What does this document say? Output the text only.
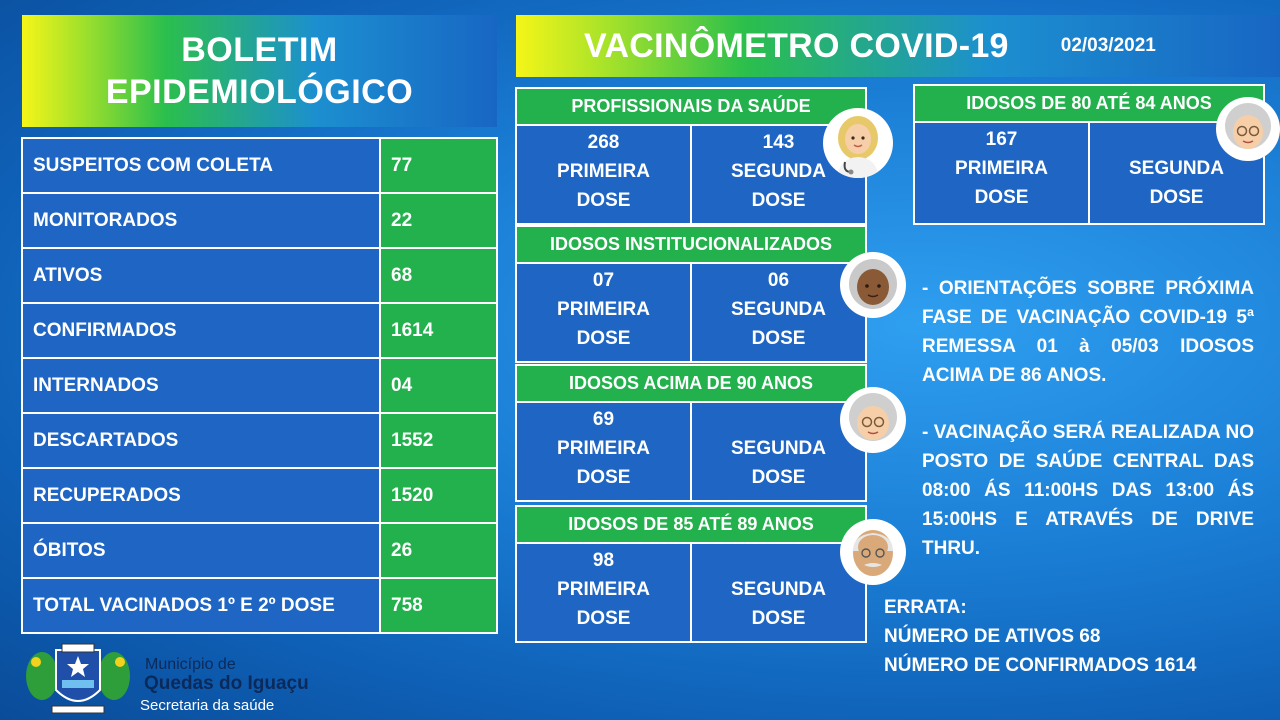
BOLETIM
EPIDEMIOLÓGICO
VACINÔMETRO COVID-19	02/03/2021
SUSPEITOS COM COLETA	77
MONITORADOS	22
ATIVOS	68
CONFIRMADOS	1614
INTERNADOS	04
DESCARTADOS	1552
RECUPERADOS	1520
ÓBITOS	26
TOTAL VACINADOS 1º E 2º DOSE	758
PROFISSIONAIS DA SAÚDE
268
PRIMEIRA
DOSE
143
SEGUNDA
DOSE
IDOSOS INSTITUCIONALIZADOS
07
PRIMEIRA
DOSE
06
SEGUNDA
DOSE
IDOSOS ACIMA DE 90 ANOS
69
PRIMEIRA
DOSE
SEGUNDA
DOSE
IDOSOS DE 85 ATÉ 89 ANOS
98
PRIMEIRA
DOSE
SEGUNDA
DOSE
IDOSOS DE 80 ATÉ 84 ANOS
167
PRIMEIRA
DOSE
SEGUNDA
DOSE
- ORIENTAÇÕES SOBRE PRÓXIMA FASE DE VACINAÇÃO COVID-19 5ª REMESSA 01 à 05/03 IDOSOS ACIMA DE 86 ANOS.
- VACINAÇÃO SERÁ REALIZADA NO POSTO DE SAÚDE CENTRAL DAS 08:00 ÁS 11:00HS DAS 13:00 ÁS 15:00HS E ATRAVÉS DE DRIVE THRU.
ERRATA:
NÚMERO DE ATIVOS 68
NÚMERO DE CONFIRMADOS 1614
Município de
Quedas do Iguaçu
Secretaria da saúde
